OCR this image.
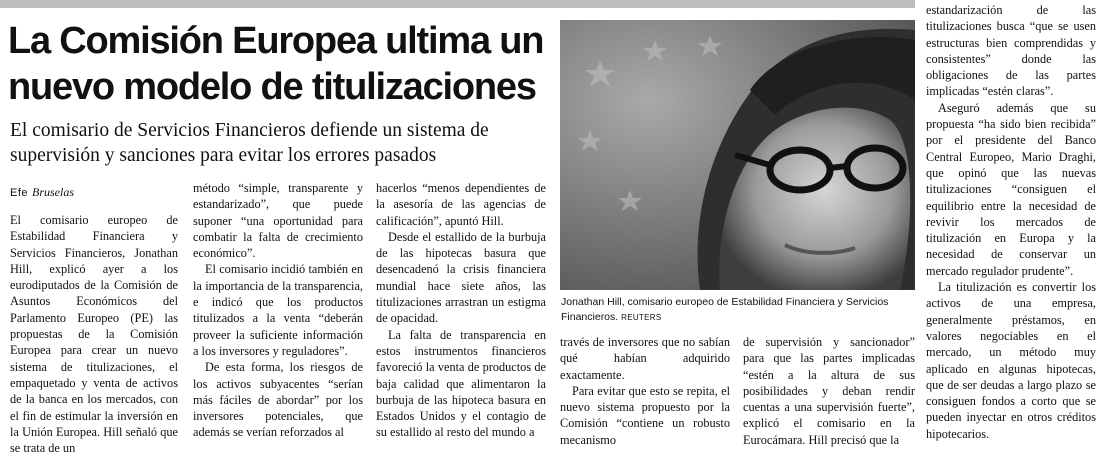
La Comisión Europea ultima un nuevo modelo de titulizaciones

El comisario de Servicios Financieros defiende un sistema de supervisión y sanciones para evitar los errores pasados

Efe Bruselas

El comisario europeo de Estabilidad Financiera y Servicios Financieros, Jonathan Hill, explicó ayer a los eurodiputados de la Comisión de Asuntos Económicos del Parlamento Europeo (PE) las propuestas de la Comisión Europea para crear un nuevo sistema de titulizaciones, el empaquetado y venta de activos de la banca en los mercados, con el fin de estimular la inversión en la Unión Europea. Hill señaló que se trata de un

método “simple, transparente y estandarizado”, que puede suponer “una oportunidad para combatir la falta de crecimiento económico”.

El comisario incidió también en la importancia de la transparencia, e indicó que los productos titulizados a la venta “deberán proveer la suficiente información a los inversores y reguladores”.

De esta forma, los riesgos de los activos subyacentes “serían más fáciles de abordar” por los inversores potenciales, que además se verían reforzados al

hacerlos “menos dependientes de la asesoría de las agencias de calificación”, apuntó Hill.

Desde el estallido de la burbuja de las hipotecas basura que desencadenó la crisis financiera mundial hace siete años, las titulizaciones arrastran un estigma de opacidad.

La falta de transparencia en estos instrumentos financieros favoreció la venta de productos de baja calidad que alimentaron la burbuja de las hipoteca basura en Estados Unidos y el contagio de su estallido al resto del mundo a

Jonathan Hill, comisario europeo de Estabilidad Financiera y Servicios Financieros. REUTERS

través de inversores que no sabían qué habían adquirido exactamente.

Para evitar que esto se repita, el nuevo sistema propuesto por la Comisión “contiene un robusto mecanismo

de supervisión y sancionador” para que las partes implicadas “estén a la altura de sus posibilidades y deban rendir cuentas a una supervisión fuerte”, explicó el comisario en la Eurocámara. Hill precisó que la

estandarización de las titulizaciones busca “que se usen estructuras bien comprendidas y consistentes” donde las obligaciones de las partes implicadas “estén claras”.

Aseguró además que su propuesta “ha sido bien recibida” por el presidente del Banco Central Europeo, Mario Draghi, que opinó que las nuevas titulizaciones “consiguen el equilibrio entre la necesidad de revivir los mercados de titulización en Europa y la necesidad de conservar un mercado regulador prudente”.

La titulización es convertir los activos de una empresa, generalmente préstamos, en valores negociables en el mercado, un método muy aplicado en algunas hipotecas, que de ser deudas a largo plazo se consiguen fondos a corto que se pueden inyectar en otros créditos hipotecarios.
